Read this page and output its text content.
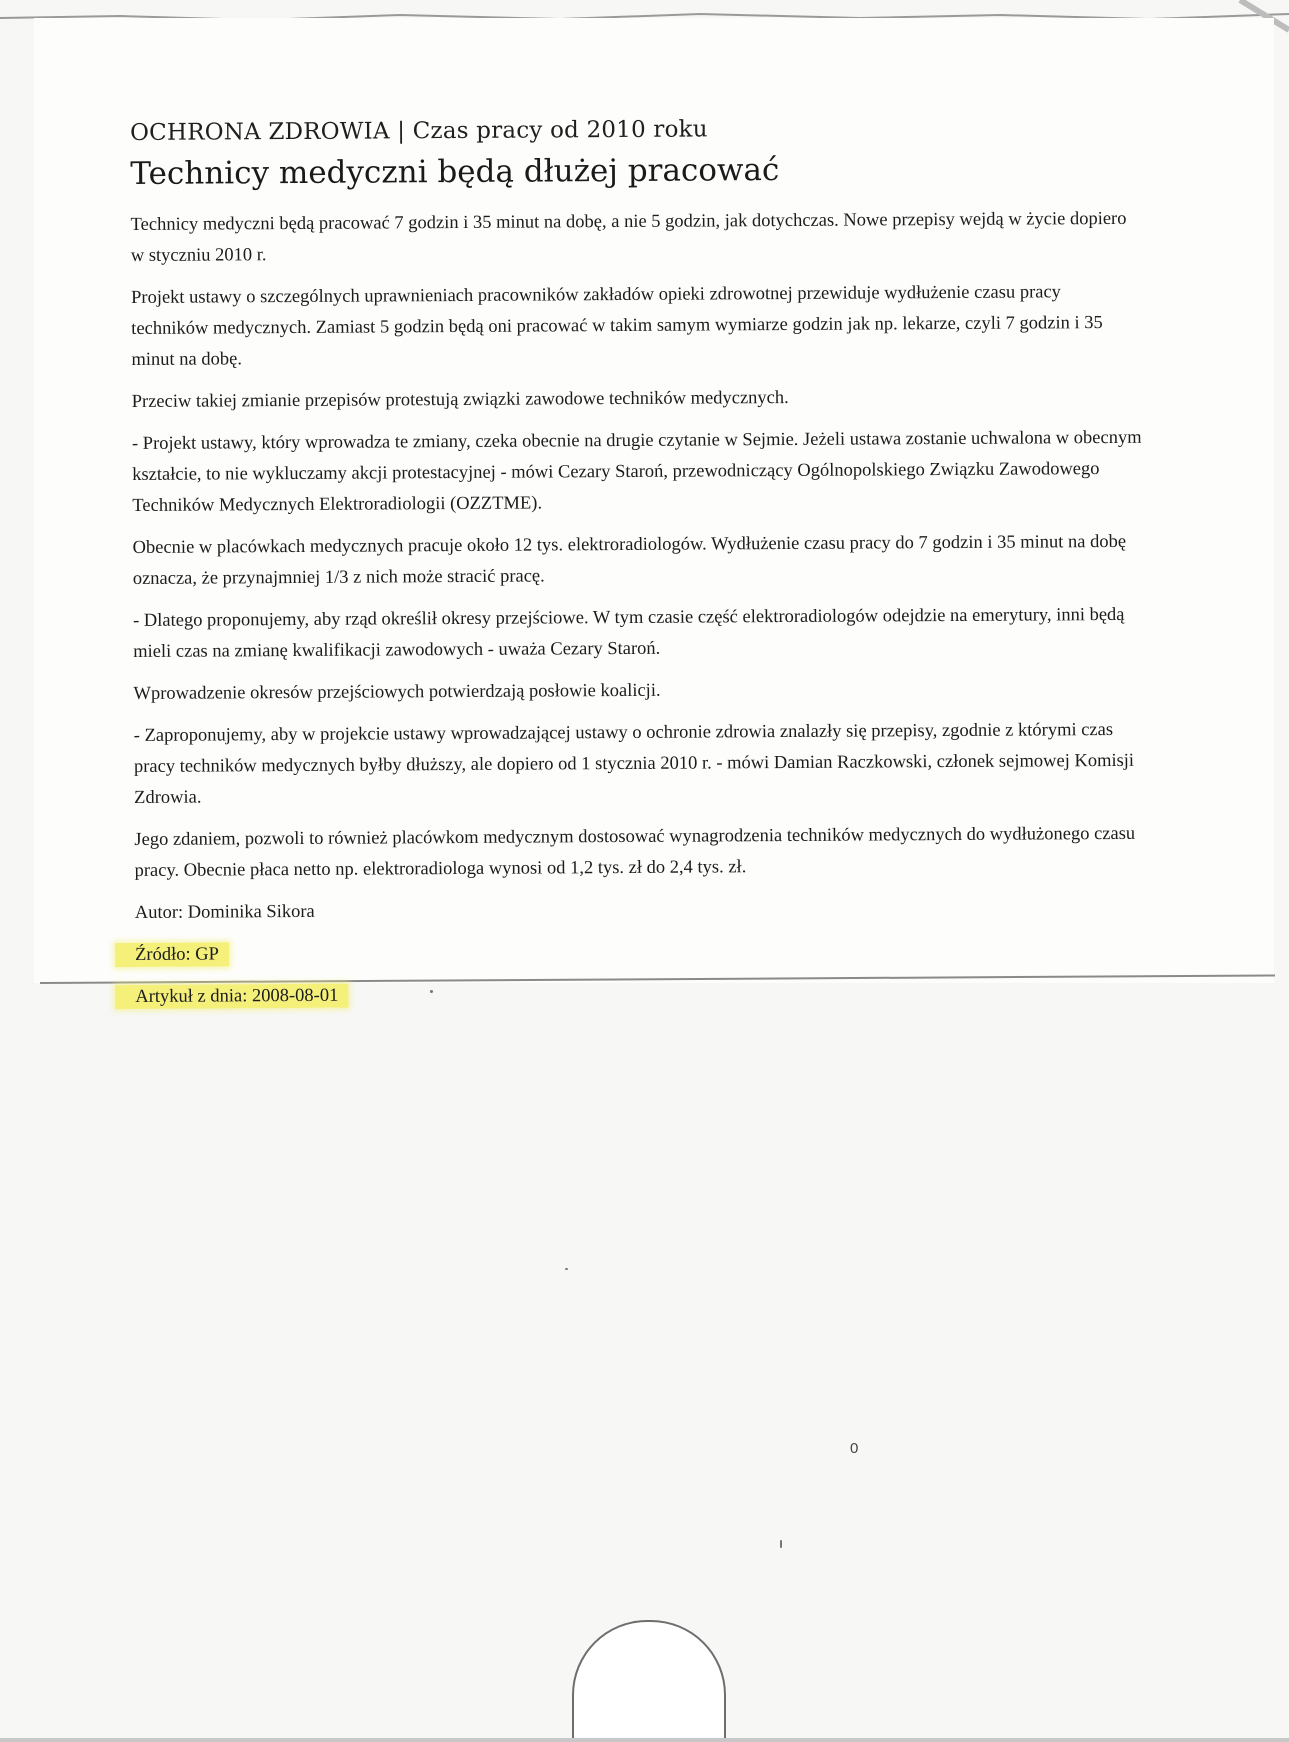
OCHRONA ZDROWIA | Czas pracy od 2010 roku
Technicy medyczni będą dłużej pracować

Technicy medyczni będą pracować 7 godzin i 35 minut na dobę, a nie 5 godzin, jak dotychczas. Nowe przepisy wejdą w życie dopiero w styczniu 2010 r.

Projekt ustawy o szczególnych uprawnieniach pracowników zakładów opieki zdrowotnej przewiduje wydłużenie czasu pracy techników medycznych. Zamiast 5 godzin będą oni pracować w takim samym wymiarze godzin jak np. lekarze, czyli 7 godzin i 35 minut na dobę.

Przeciw takiej zmianie przepisów protestują związki zawodowe techników medycznych.

- Projekt ustawy, który wprowadza te zmiany, czeka obecnie na drugie czytanie w Sejmie. Jeżeli ustawa zostanie uchwalona w obecnym kształcie, to nie wykluczamy akcji protestacyjnej - mówi Cezary Staroń, przewodniczący Ogólnopolskiego Związku Zawodowego Techników Medycznych Elektroradiologii (OZZTME).

Obecnie w placówkach medycznych pracuje około 12 tys. elektroradiologów. Wydłużenie czasu pracy do 7 godzin i 35 minut na dobę oznacza, że przynajmniej 1/3 z nich może stracić pracę.

- Dlatego proponujemy, aby rząd określił okresy przejściowe. W tym czasie część elektroradiologów odejdzie na emerytury, inni będą mieli czas na zmianę kwalifikacji zawodowych - uważa Cezary Staroń.

Wprowadzenie okresów przejściowych potwierdzają posłowie koalicji.

- Zaproponujemy, aby w projekcie ustawy wprowadzającej ustawy o ochronie zdrowia znalazły się przepisy, zgodnie z którymi czas pracy techników medycznych byłby dłuższy, ale dopiero od 1 stycznia 2010 r. - mówi Damian Raczkowski, członek sejmowej Komisji Zdrowia.

Jego zdaniem, pozwoli to również placówkom medycznym dostosować wynagrodzenia techników medycznych do wydłużonego czasu pracy. Obecnie płaca netto np. elektroradiologa wynosi od 1,2 tys. zł do 2,4 tys. zł.

Autor: Dominika Sikora

Źródło: GP

Artykuł z dnia: 2008-08-01

0
